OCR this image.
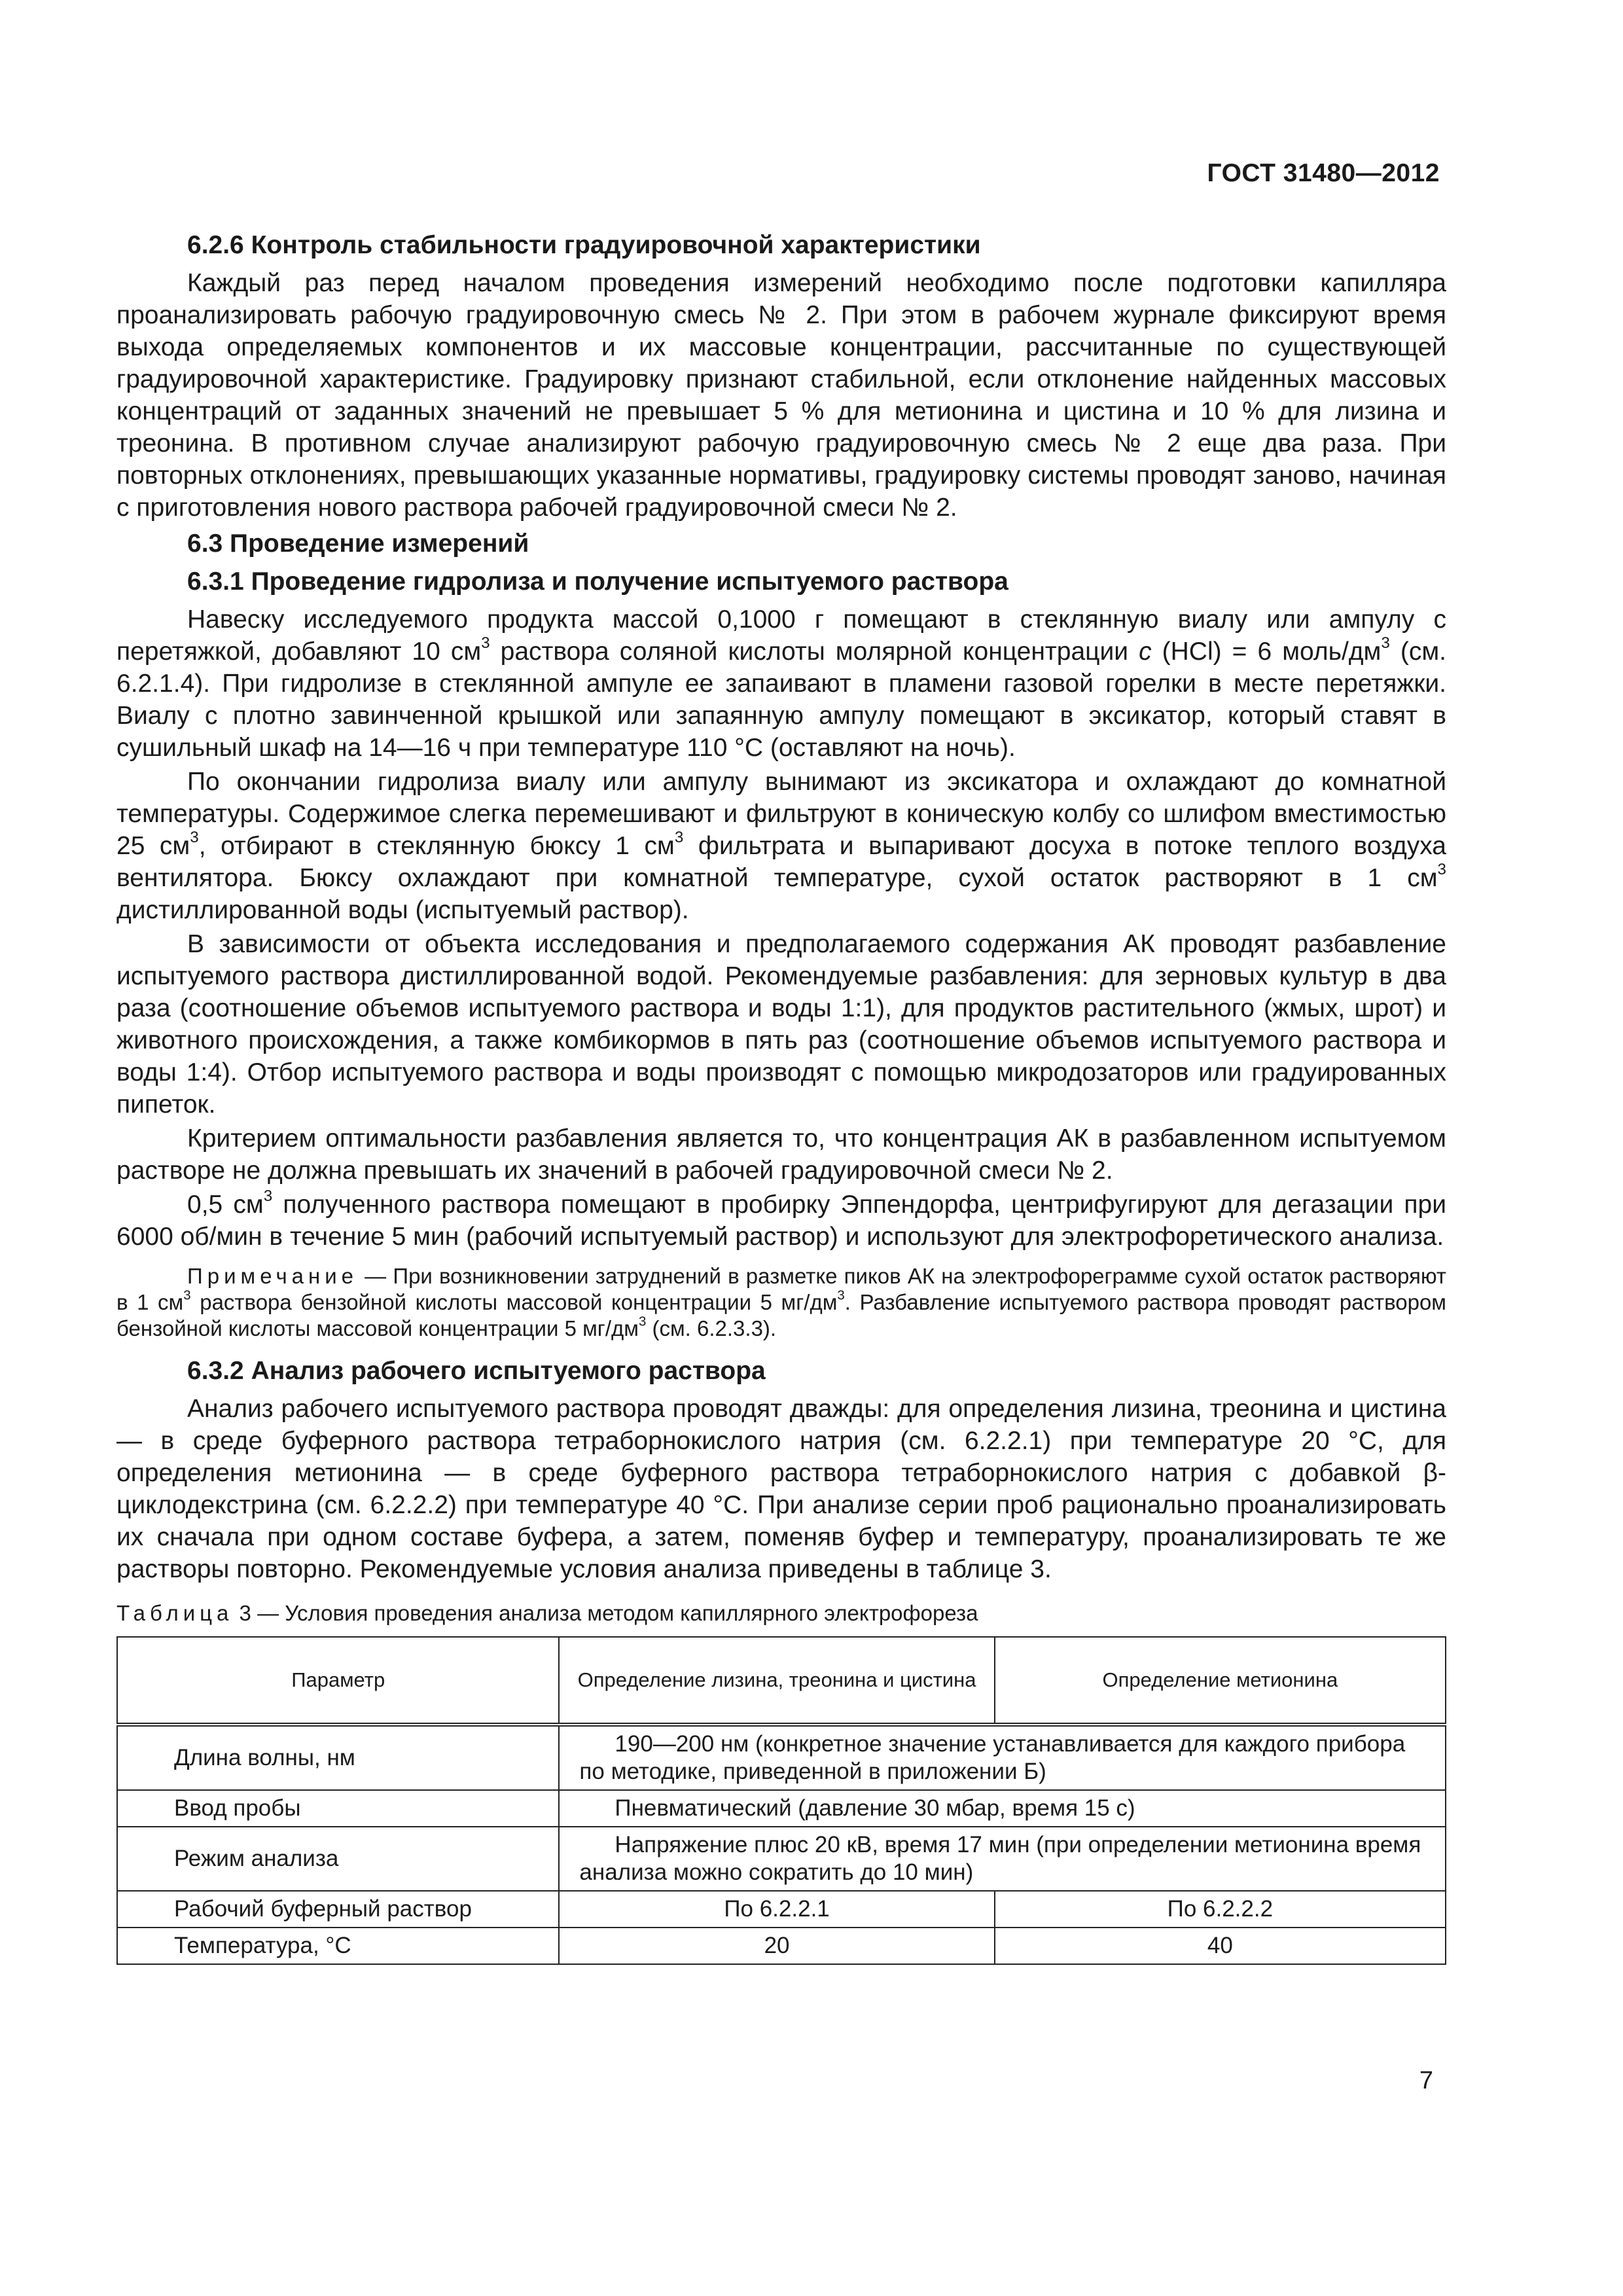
ГОСТ 31480—2012

6.2.6 Контроль стабильности градуировочной характеристики

Каждый раз перед началом проведения измерений необходимо после подготовки капилляра проанализировать рабочую градуировочную смесь № 2. При этом в рабочем журнале фиксируют время выхода определяемых компонентов и их массовые концентрации, рассчитанные по существующей градуировочной характеристике. Градуировку признают стабильной, если отклонение найденных массовых концентраций от заданных значений не превышает 5 % для метионина и цистина и 10 % для лизина и треонина. В противном случае анализируют рабочую градуировочную смесь № 2 еще два раза. При повторных отклонениях, превышающих указанные нормативы, градуировку системы проводят заново, начиная с приготовления нового раствора рабочей градуировочной смеси № 2.

6.3 Проведение измерений

6.3.1 Проведение гидролиза и получение испытуемого раствора

Навеску исследуемого продукта массой 0,1000 г помещают в стеклянную виалу или ампулу с перетяжкой, добавляют 10 $см^3$ раствора соляной кислоты молярной концентрации c (HCl) = 6 моль/$дм^3$ (см. 6.2.1.4). При гидролизе в стеклянной ампуле ее запаивают в пламени газовой горелки в месте перетяжки. Виалу с плотно завинченной крышкой или запаянную ампулу помещают в эксикатор, который ставят в сушильный шкаф на 14—16 ч при температуре 110 °С (оставляют на ночь).

По окончании гидролиза виалу или ампулу вынимают из эксикатора и охлаждают до комнатной температуры. Содержимое слегка перемешивают и фильтруют в коническую колбу со шлифом вместимостью 25 $см^3$, отбирают в стеклянную бюксу 1 $см^3$ фильтрата и выпаривают досуха в потоке теплого воздуха вентилятора. Бюксу охлаждают при комнатной температуре, сухой остаток растворяют в 1 $см^3$ дистиллированной воды (испытуемый раствор).

В зависимости от объекта исследования и предполагаемого содержания АК проводят разбавление испытуемого раствора дистиллированной водой. Рекомендуемые разбавления: для зерновых культур в два раза (соотношение объемов испытуемого раствора и воды 1:1), для продуктов растительного (жмых, шрот) и животного происхождения, а также комбикормов в пять раз (соотношение объемов испытуемого раствора и воды 1:4). Отбор испытуемого раствора и воды производят с помощью микродозаторов или градуированных пипеток.

Критерием оптимальности разбавления является то, что концентрация АК в разбавленном испытуемом растворе не должна превышать их значений в рабочей градуировочной смеси № 2.

0,5 $см^3$ полученного раствора помещают в пробирку Эппендорфа, центрифугируют для дегазации при 6000 об/мин в течение 5 мин (рабочий испытуемый раствор) и используют для электрофоретического анализа.

Примечание — При возникновении затруднений в разметке пиков АК на электрофореграмме сухой остаток растворяют в 1 $см^3$ раствора бензойной кислоты массовой концентрации 5 $мг/дм^3$. Разбавление испытуемого раствора проводят раствором бензойной кислоты массовой концентрации 5 $мг/дм^3$ (см. 6.2.3.3).

6.3.2 Анализ рабочего испытуемого раствора

Анализ рабочего испытуемого раствора проводят дважды: для определения лизина, треонина и цистина — в среде буферного раствора тетраборнокислого натрия (см. 6.2.2.1) при температуре 20 °С, для определения метионина — в среде буферного раствора тетраборнокислого натрия с добавкой β-циклодекстрина (см. 6.2.2.2) при температуре 40 °С. При анализе серии проб рационально проанализировать их сначала при одном составе буфера, а затем, поменяв буфер и температуру, проанализировать те же растворы повторно. Рекомендуемые условия анализа приведены в таблице 3.

Таблица 3 — Условия проведения анализа методом капиллярного электрофореза

Параметр	Определение лизина, треонина и цистина	Определение метионина
Длина волны, нм	190—200 нм (конкретное значение устанавливается для каждого прибора по методике, приведенной в приложении Б)	
Ввод пробы	Пневматический (давление 30 мбар, время 15 с)	
Режим анализа	Напряжение плюс 20 кВ, время 17 мин (при определении метионина время анализа можно сократить до 10 мин)	
Рабочий буферный раствор	По 6.2.2.1	По 6.2.2.2
Температура, °С	20	40
7
